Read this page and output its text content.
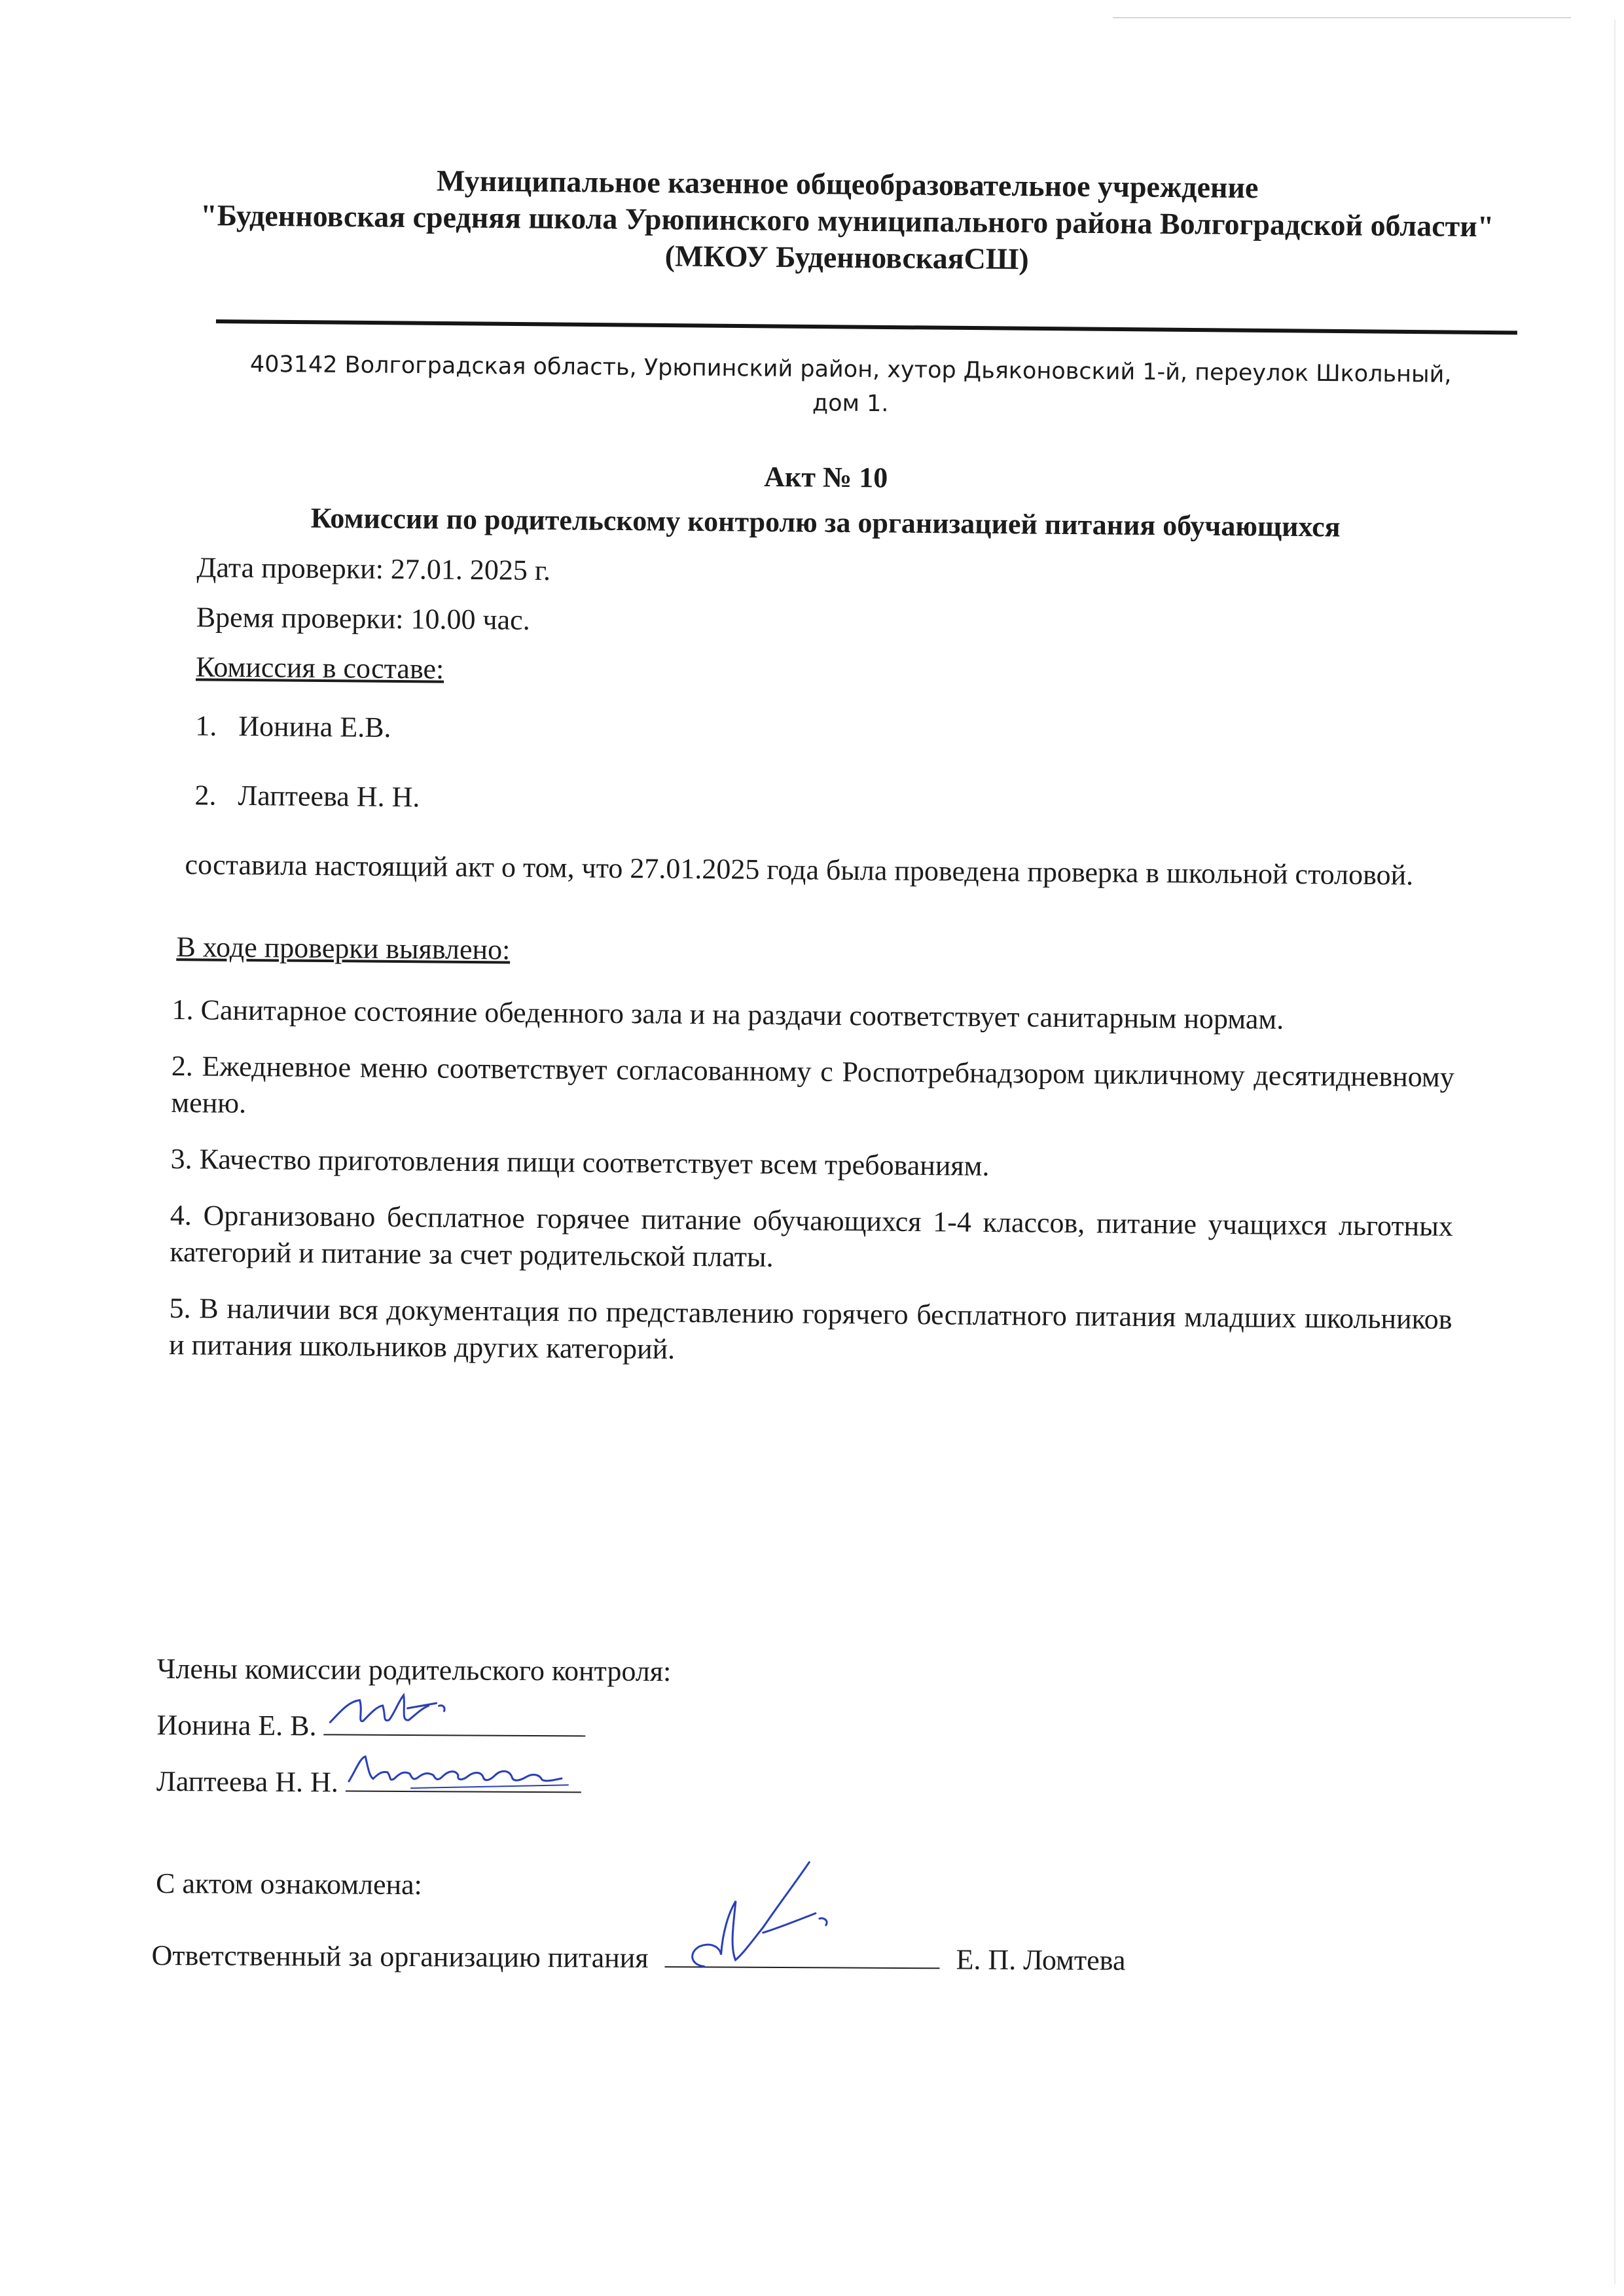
Муниципальное казенное общеобразовательное учреждение
"Буденновская средняя школа Урюпинского муниципального района Волгоградской области"
(МКОУ БуденновскаяСШ)
403142 Волгоградская область, Урюпинский район, хутор Дьяконовский 1-й, переулок Школьный,
дом 1.
Акт № 10
Комиссии по родительскому контролю за организацией питания обучающихся
Дата проверки: 27.01. 2025 г.
Время проверки: 10.00 час.
Комиссия в составе:
1. Ионина Е.В.
2. Лаптеева Н. Н.
составила настоящий акт о том, что 27.01.2025 года была проведена проверка в школьной столовой.
В ходе проверки выявлено:
1. Санитарное состояние обеденного зала и на раздачи соответствует санитарным нормам.
2. Ежедневное меню соответствует согласованному с Роспотребнадзором цикличному десятидневному меню.
3. Качество приготовления пищи соответствует всем требованиям.
4. Организовано бесплатное горячее питание обучающихся 1-4 классов, питание учащихся льготных категорий и питание за счет родительской платы.
5. В наличии вся документация по представлению горячего бесплатного питания младших школьников и питания школьников других категорий.
Члены комиссии родительского контроля:
Ионина Е. В.
Лаптеева Н. Н.
С актом ознакомлена:
Ответственный за организацию питания	Е. П. Ломтева
